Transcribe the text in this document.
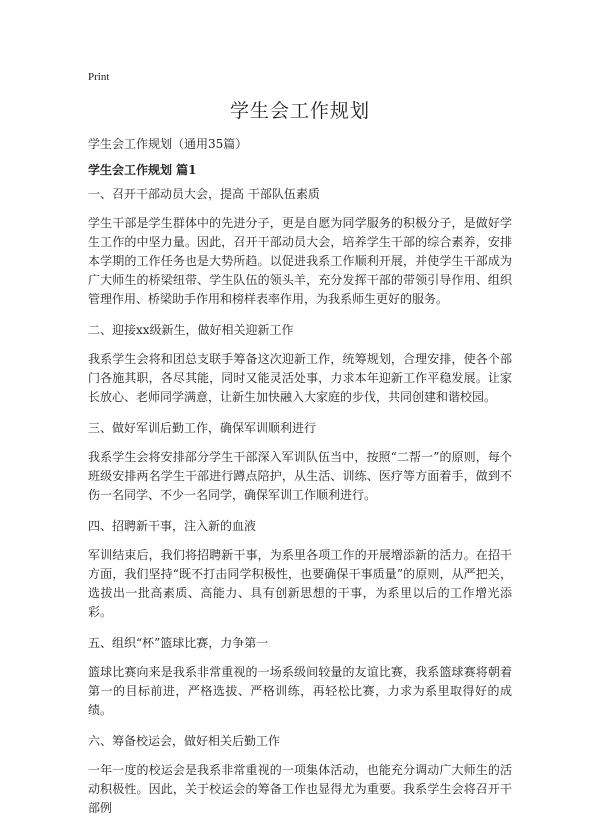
Print
学生会工作规划
学生会工作规划（通用35篇）
学生会工作规划 篇1
一、召开干部动员大会，提高 干部队伍素质

学生干部是学生群体中的先进分子，更是自愿为同学服务的积极分子，是做好学生工作的中坚力量。因此，召开干部动员大会，培养学生干部的综合素养，安排本学期的工作任务也是大势所趋。以促进我系工作顺利开展，并使学生干部成为广大师生的桥梁纽带、学生队伍的领头羊，充分发挥干部的带领引导作用、组织管理作用、桥梁助手作用和榜样表率作用，为我系师生更好的服务。

二、迎接xx级新生，做好相关迎新工作

我系学生会将和团总支联手筹备这次迎新工作，统筹规划，合理安排，使各个部门各施其职，各尽其能，同时又能灵活处事，力求本年迎新工作平稳发展。让家长放心、老师同学满意，让新生加快融入大家庭的步伐，共同创建和谐校园。

三、做好军训后勤工作，确保军训顺利进行

我系学生会将安排部分学生干部深入军训队伍当中，按照“二帮一”的原则，每个班级安排两名学生干部进行蹲点陪护，从生活、训练、医疗等方面着手，做到不伤一名同学、不少一名同学，确保军训工作顺利进行。

四、招聘新干事，注入新的血液

军训结束后，我们将招聘新干事，为系里各项工作的开展增添新的活力。在招干方面，我们坚持“既不打击同学积极性，也要确保干事质量”的原则，从严把关，选拔出一批高素质、高能力、具有创新思想的干事，为系里以后的工作增光添彩。

五、组织“杯”篮球比赛，力争第一

篮球比赛向来是我系非常重视的一场系级间较量的友谊比赛，我系篮球赛将朝着第一的目标前进，严格选拔、严格训练，再轻松比赛，力求为系里取得好的成绩。

六、筹备校运会，做好相关后勤工作

一年一度的校运会是我系非常重视的一项集体活动，也能充分调动广大师生的活动积极性。因此，关于校运会的筹备工作也显得尤为重要。我系学生会将召开干部例
